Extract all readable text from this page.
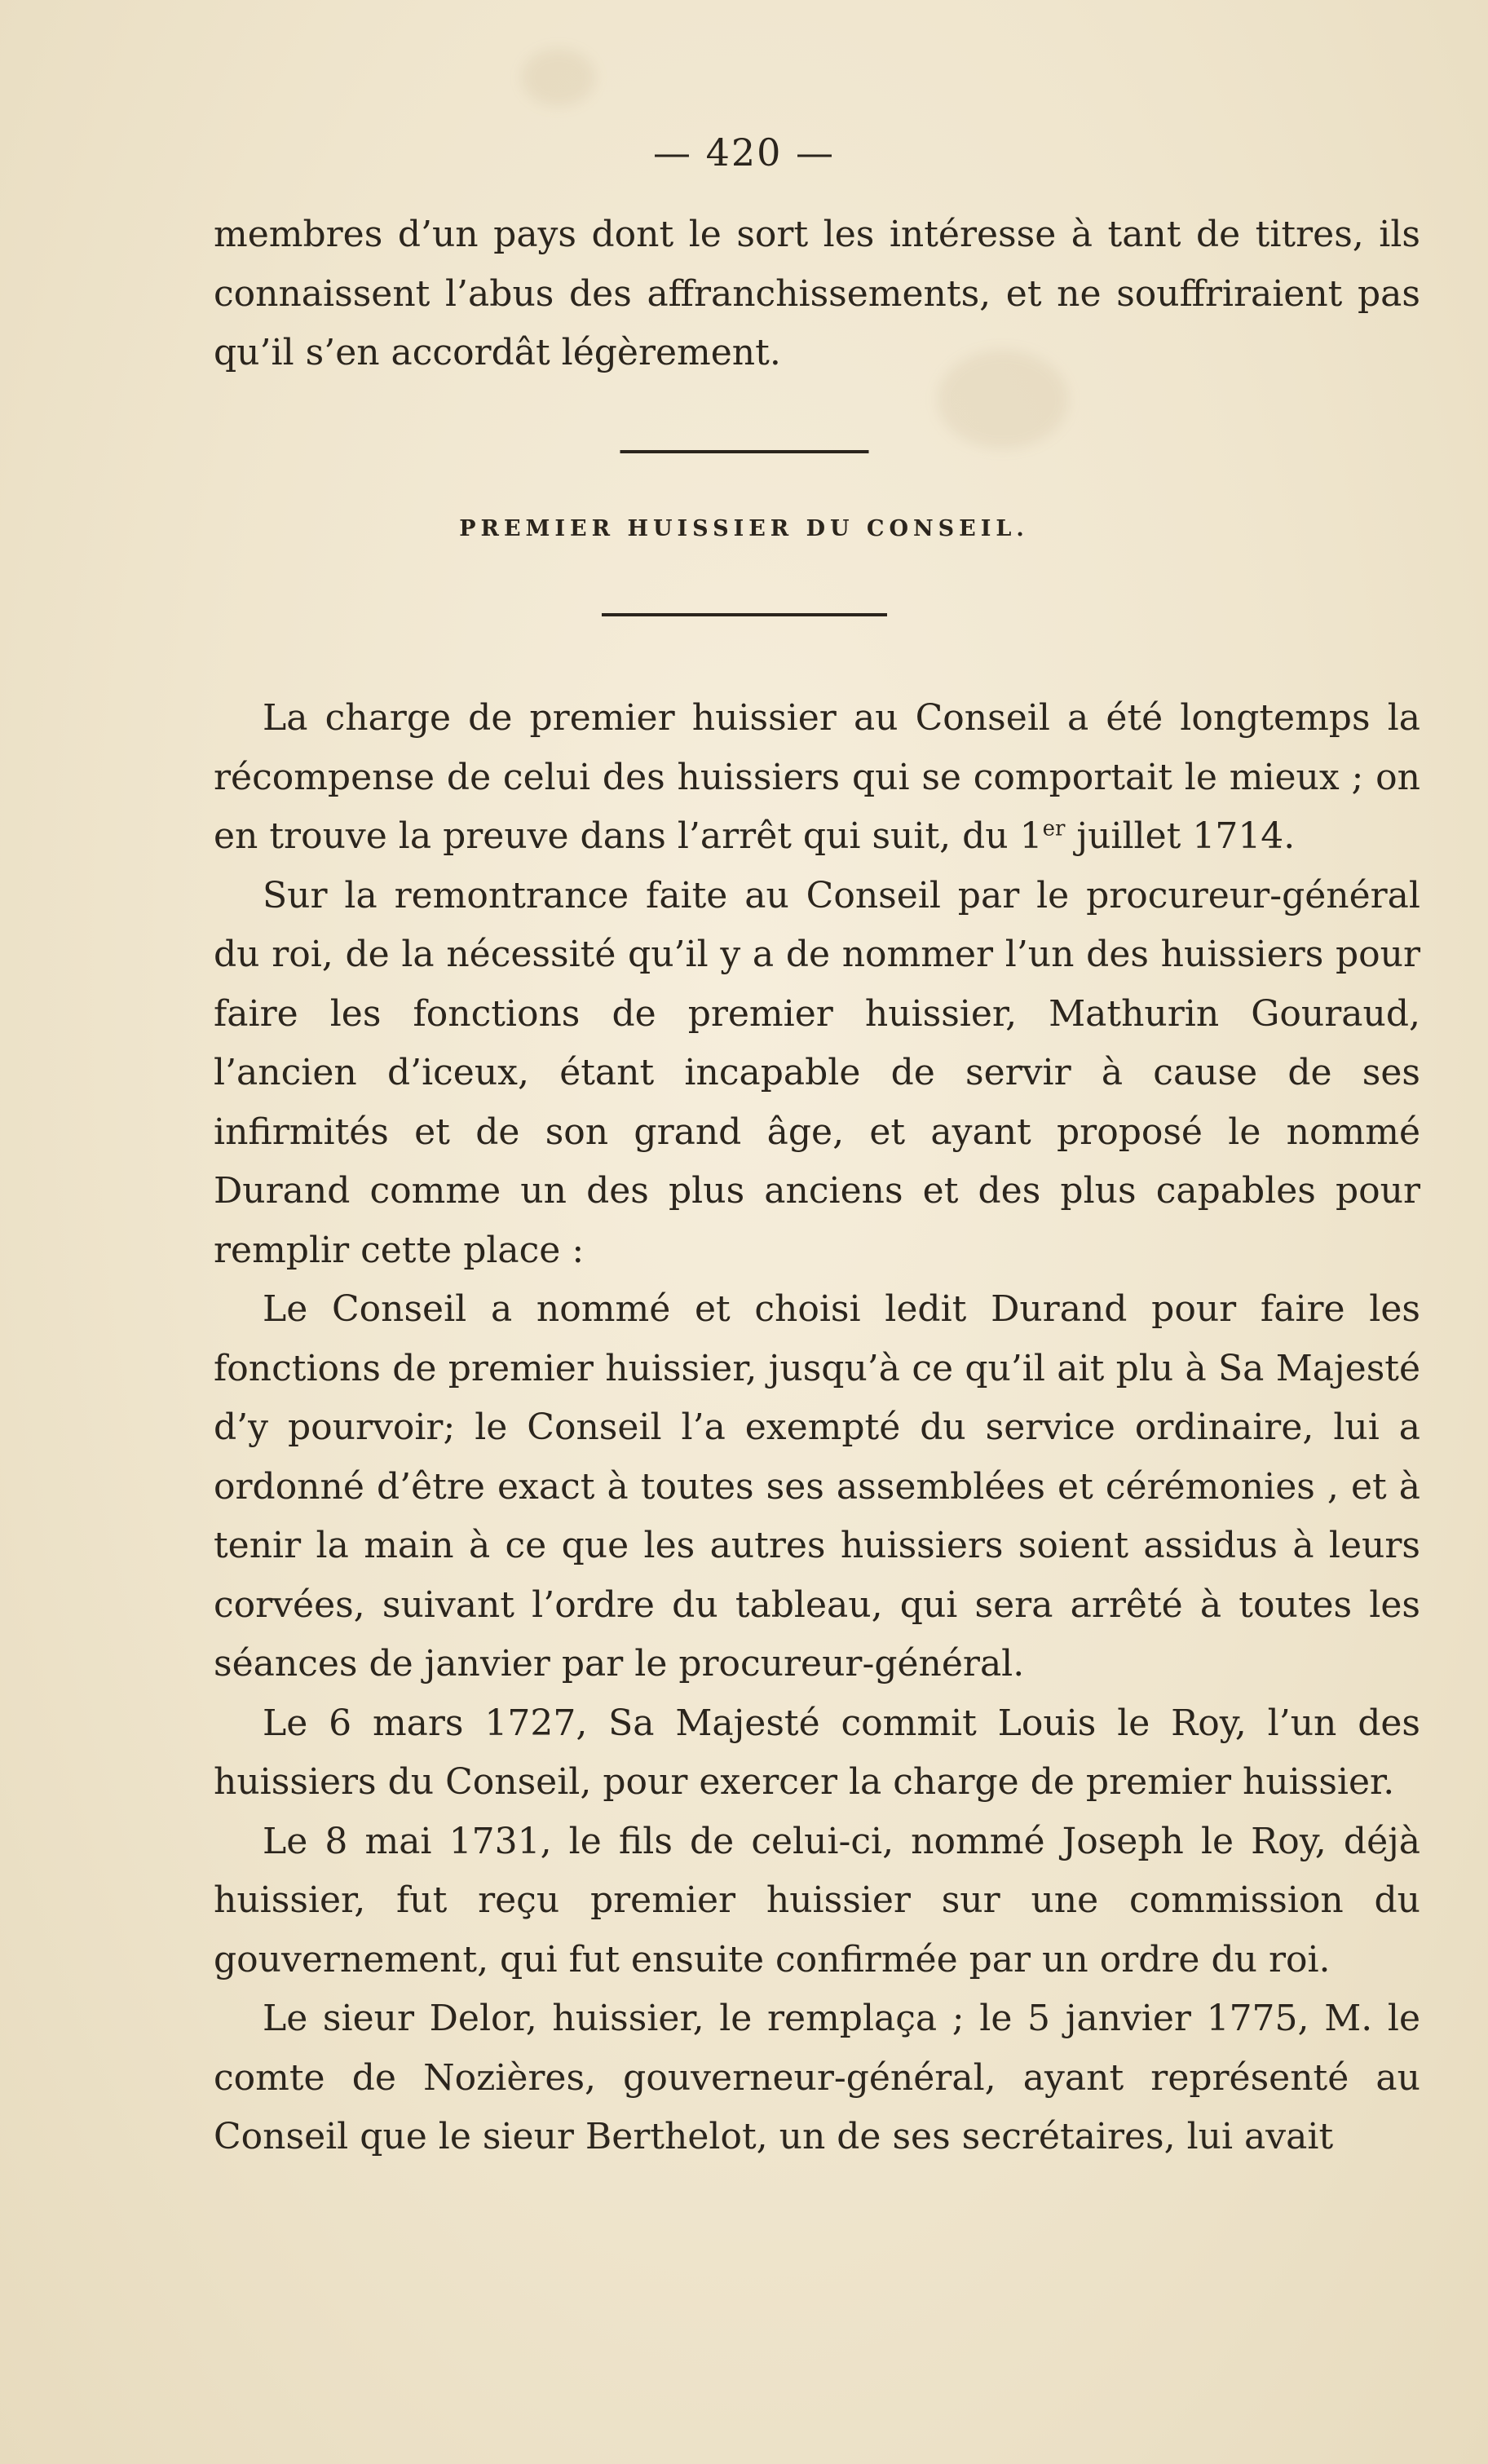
— 420 —

membres d’un pays dont le sort les intéresse à tant de titres, ils connaissent l’abus des affranchissements, et ne souffriraient pas qu’il s’en accordât légèrement.

PREMIER HUISSIER DU CONSEIL.

La charge de premier huissier au Conseil a été longtemps la récompense de celui des huissiers qui se comportait le mieux ; on en trouve la preuve dans l’arrêt qui suit, du 1er juillet 1714.

Sur la remontrance faite au Conseil par le procureur-général du roi, de la nécessité qu’il y a de nommer l’un des huissiers pour faire les fonctions de premier huissier, Mathurin Gouraud, l’ancien d’iceux, étant incapable de servir à cause de ses infirmités et de son grand âge, et ayant proposé le nommé Durand comme un des plus anciens et des plus capables pour remplir cette place :

Le Conseil a nommé et choisi ledit Durand pour faire les fonctions de premier huissier, jusqu’à ce qu’il ait plu à Sa Majesté d’y pourvoir; le Conseil l’a exempté du service ordinaire, lui a ordonné d’être exact à toutes ses assemblées et cérémonies , et à tenir la main à ce que les autres huissiers soient assidus à leurs corvées, suivant l’ordre du tableau, qui sera arrêté à toutes les séances de janvier par le procureur-général.

Le 6 mars 1727, Sa Majesté commit Louis le Roy, l’un des huissiers du Conseil, pour exercer la charge de premier huissier.

Le 8 mai 1731, le fils de celui-ci, nommé Joseph le Roy, déjà huissier, fut reçu premier huissier sur une commission du gouvernement, qui fut ensuite confirmée par un ordre du roi.

Le sieur Delor, huissier, le remplaça ; le 5 janvier 1775, M. le comte de Nozières, gouverneur-général, ayant représenté au Conseil que le sieur Berthelot, un de ses secrétaires, lui avait
